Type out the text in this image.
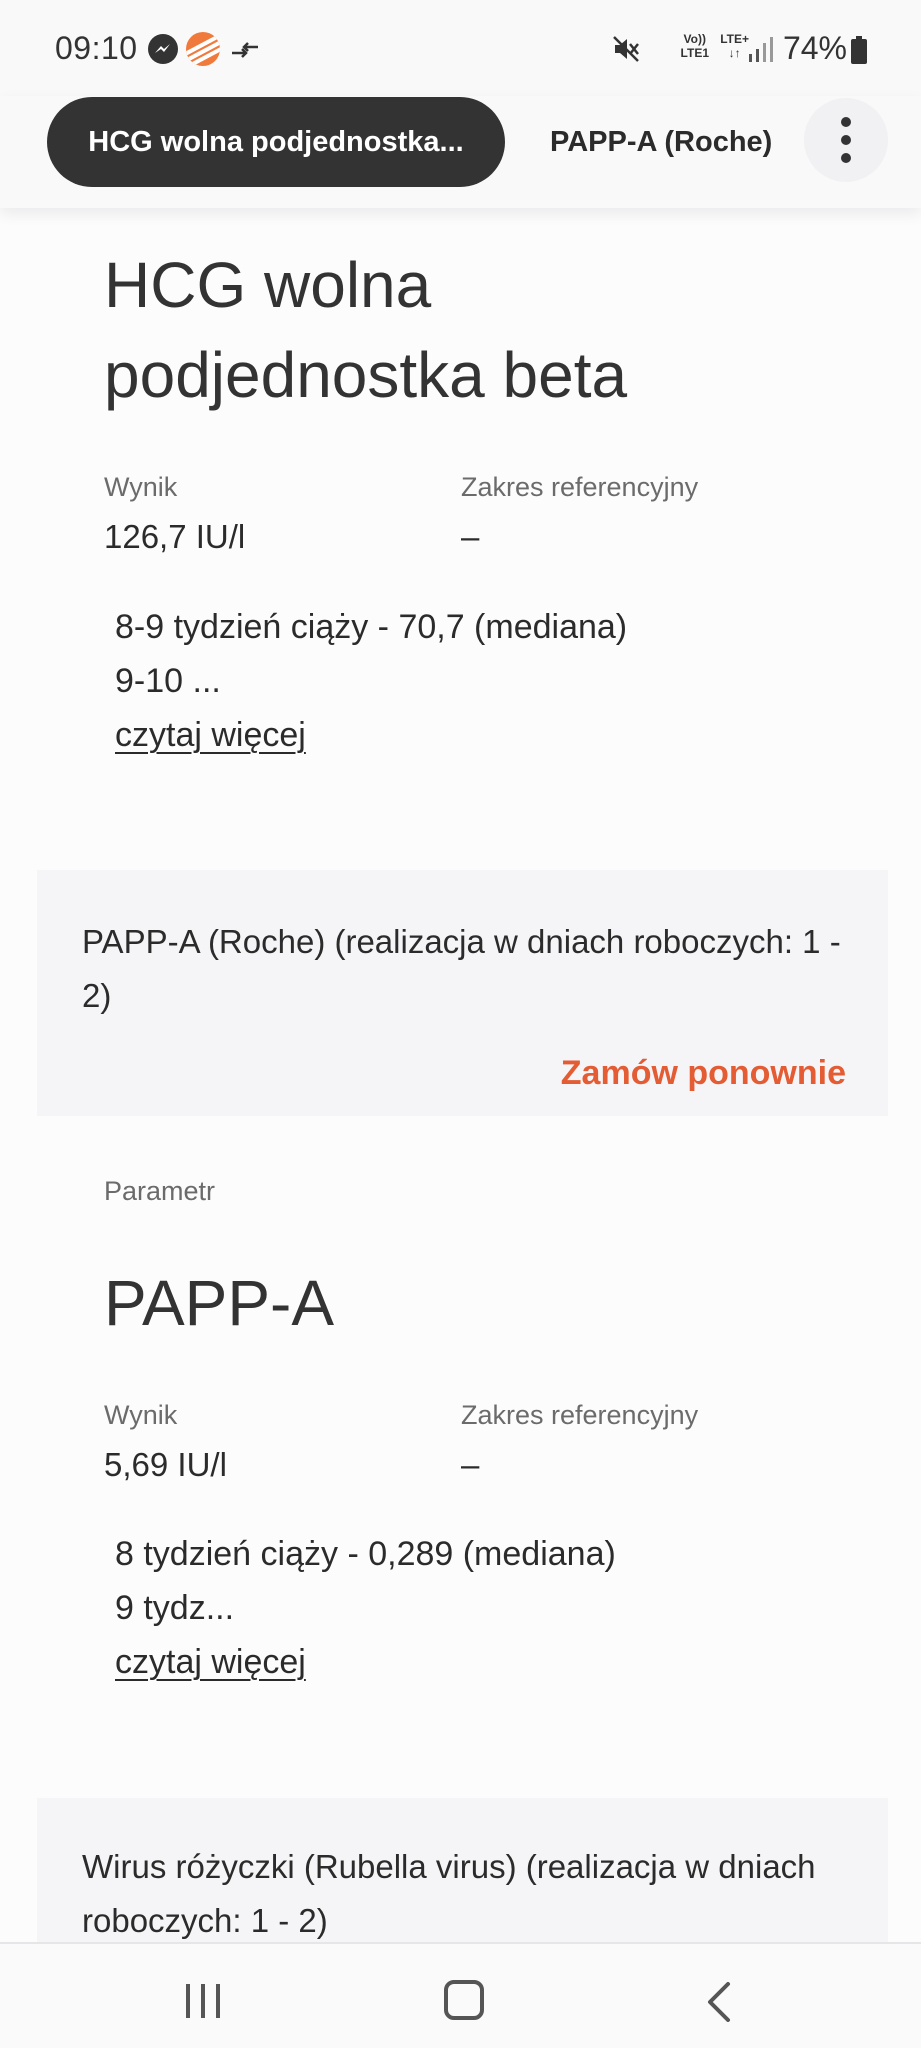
09:10	Vo))
LTE1
LTE+
↓↑ 74%
HCG wolna podjednostka...	PAPP-A (Roche)
HCG wolna
podjednostka beta
Wynik	Zakres referencyjny
126,7 IU/l	–
8-9 tydzień ciąży - 70,7 (mediana)
9-10 ...
czytaj więcej
PAPP-A (Roche) (realizacja w dniach roboczych: 1 - 2)
Zamów ponownie
Parametr
PAPP-A
Wynik	Zakres referencyjny
5,69 IU/l	–
8 tydzień ciąży - 0,289 (mediana)
9 tydz...
czytaj więcej
Wirus różyczki (Rubella virus) (realizacja w dniach roboczych: 1 - 2)
